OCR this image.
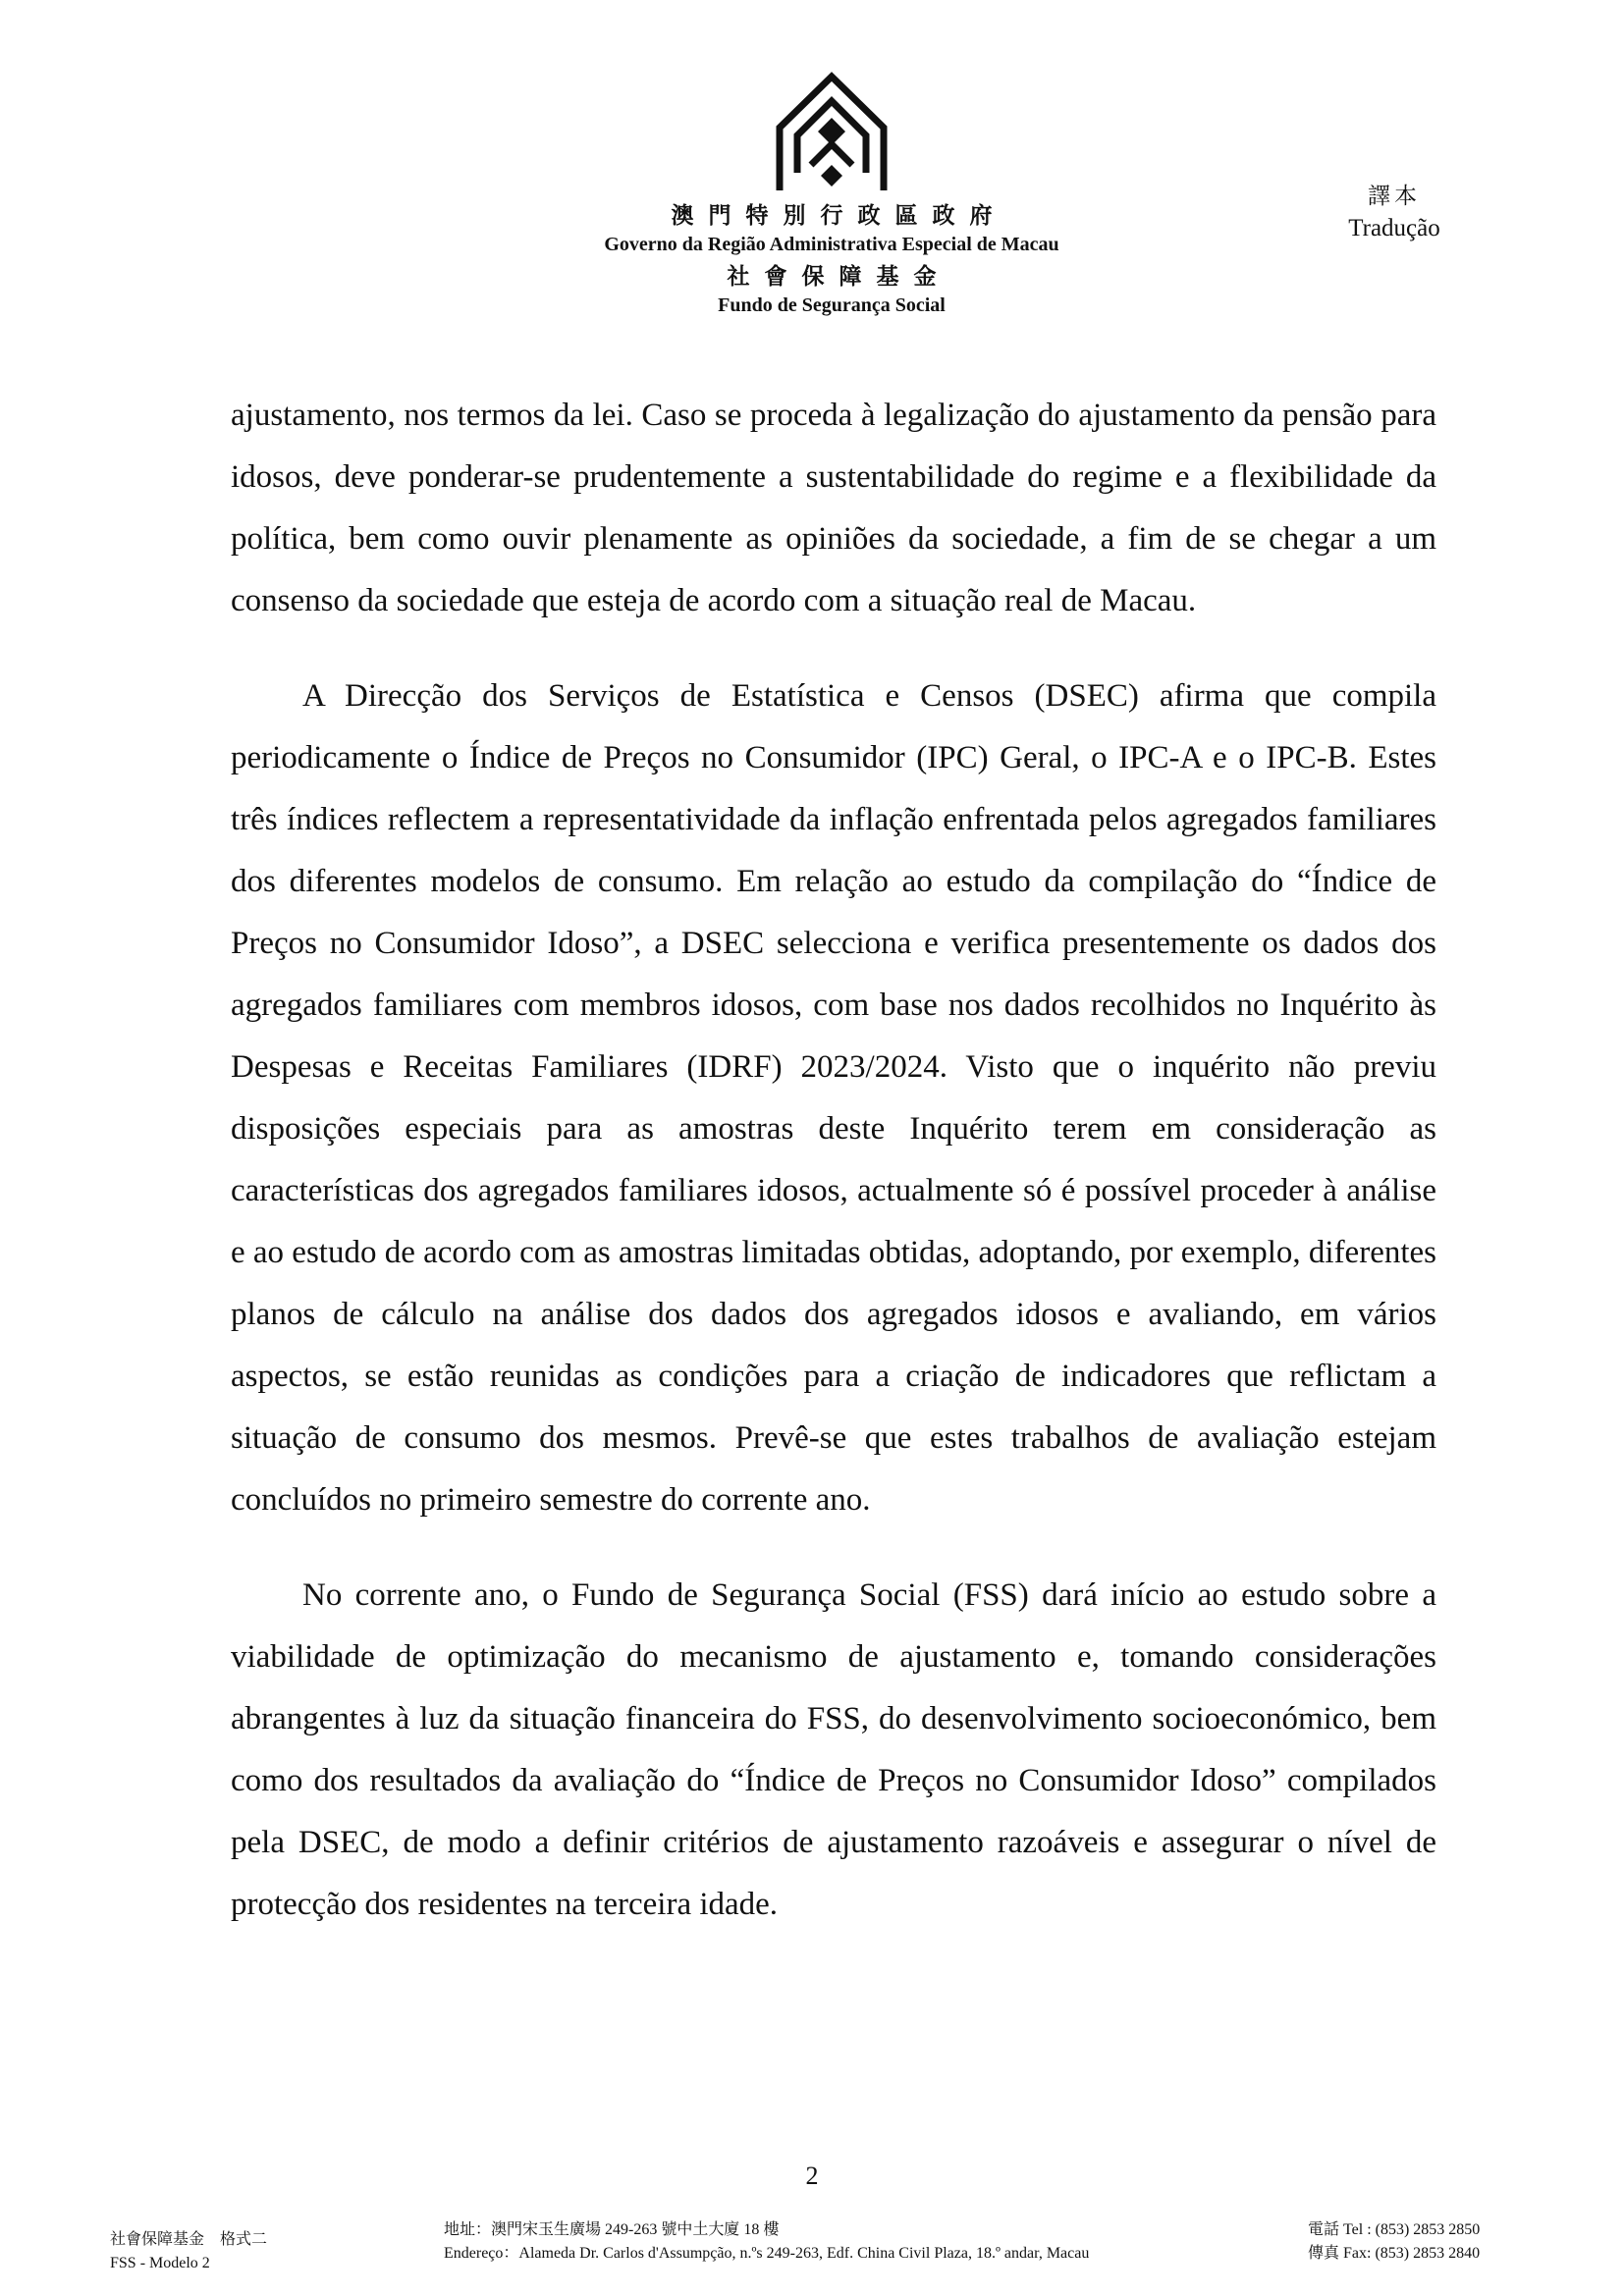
澳門特別行政區政府
Governo da Região Administrativa Especial de Macau
社會保障基金
Fundo de Segurança Social
譯本
Tradução

ajustamento, nos termos da lei. Caso se proceda à legalização do ajustamento da pensão para idosos, deve ponderar-se prudentemente a sustentabilidade do regime e a flexibilidade da política, bem como ouvir plenamente as opiniões da sociedade, a fim de se chegar a um consenso da sociedade que esteja de acordo com a situação real de Macau.

A Direcção dos Serviços de Estatística e Censos (DSEC) afirma que compila periodicamente o Índice de Preços no Consumidor (IPC) Geral, o IPC-A e o IPC-B. Estes três índices reflectem a representatividade da inflação enfrentada pelos agregados familiares dos diferentes modelos de consumo. Em relação ao estudo da compilação do “Índice de Preços no Consumidor Idoso”, a DSEC selecciona e verifica presentemente os dados dos agregados familiares com membros idosos, com base nos dados recolhidos no Inquérito às Despesas e Receitas Familiares (IDRF) 2023/2024. Visto que o inquérito não previu disposições especiais para as amostras deste Inquérito terem em consideração as características dos agregados familiares idosos, actualmente só é possível proceder à análise e ao estudo de acordo com as amostras limitadas obtidas, adoptando, por exemplo, diferentes planos de cálculo na análise dos dados dos agregados idosos e avaliando, em vários aspectos, se estão reunidas as condições para a criação de indicadores que reflictam a situação de consumo dos mesmos. Prevê-se que estes trabalhos de avaliação estejam concluídos no primeiro semestre do corrente ano.

No corrente ano, o Fundo de Segurança Social (FSS) dará início ao estudo sobre a viabilidade de optimização do mecanismo de ajustamento e, tomando considerações abrangentes à luz da situação financeira do FSS, do desenvolvimento socioeconómico, bem como dos resultados da avaliação do “Índice de Preços no Consumidor Idoso” compilados pela DSEC, de modo a definir critérios de ajustamento razoáveis e assegurar o nível de protecção dos residentes na terceira idade.

2
社會保障基金　格式二
FSS - Modelo 2
地址：澳門宋玉生廣場 249-263 號中土大廈 18 樓
Endereço：Alameda Dr. Carlos d'Assumpção, n.ºs 249-263, Edf. China Civil Plaza, 18.º andar, Macau
電話 Tel : (853) 2853 2850
傳真 Fax: (853) 2853 2840
